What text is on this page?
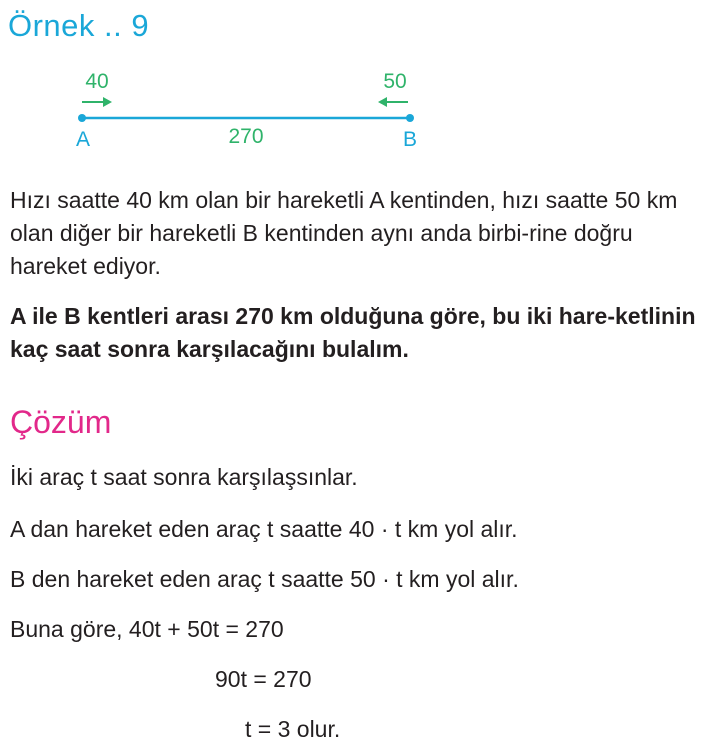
Örnek .. 9
40	50
A	B
270

Hızı saatte 40 km olan bir hareketli A kentinden, hızı saatte 50 km olan diğer bir hareketli B kentinden aynı anda birbi-rine doğru hareket ediyor.

A ile B kentleri arası 270 km olduğuna göre, bu iki hare-ketlinin kaç saat sonra karşılacağını bulalım.

Çözüm
İki araç t saat sonra karşılaşsınlar.
A dan hareket eden araç t saatte 40 · t km yol alır.
B den hareket eden araç t saatte 50 · t km yol alır.
Buna göre, 40t + 50t = 270
90t = 270
t = 3 olur.
